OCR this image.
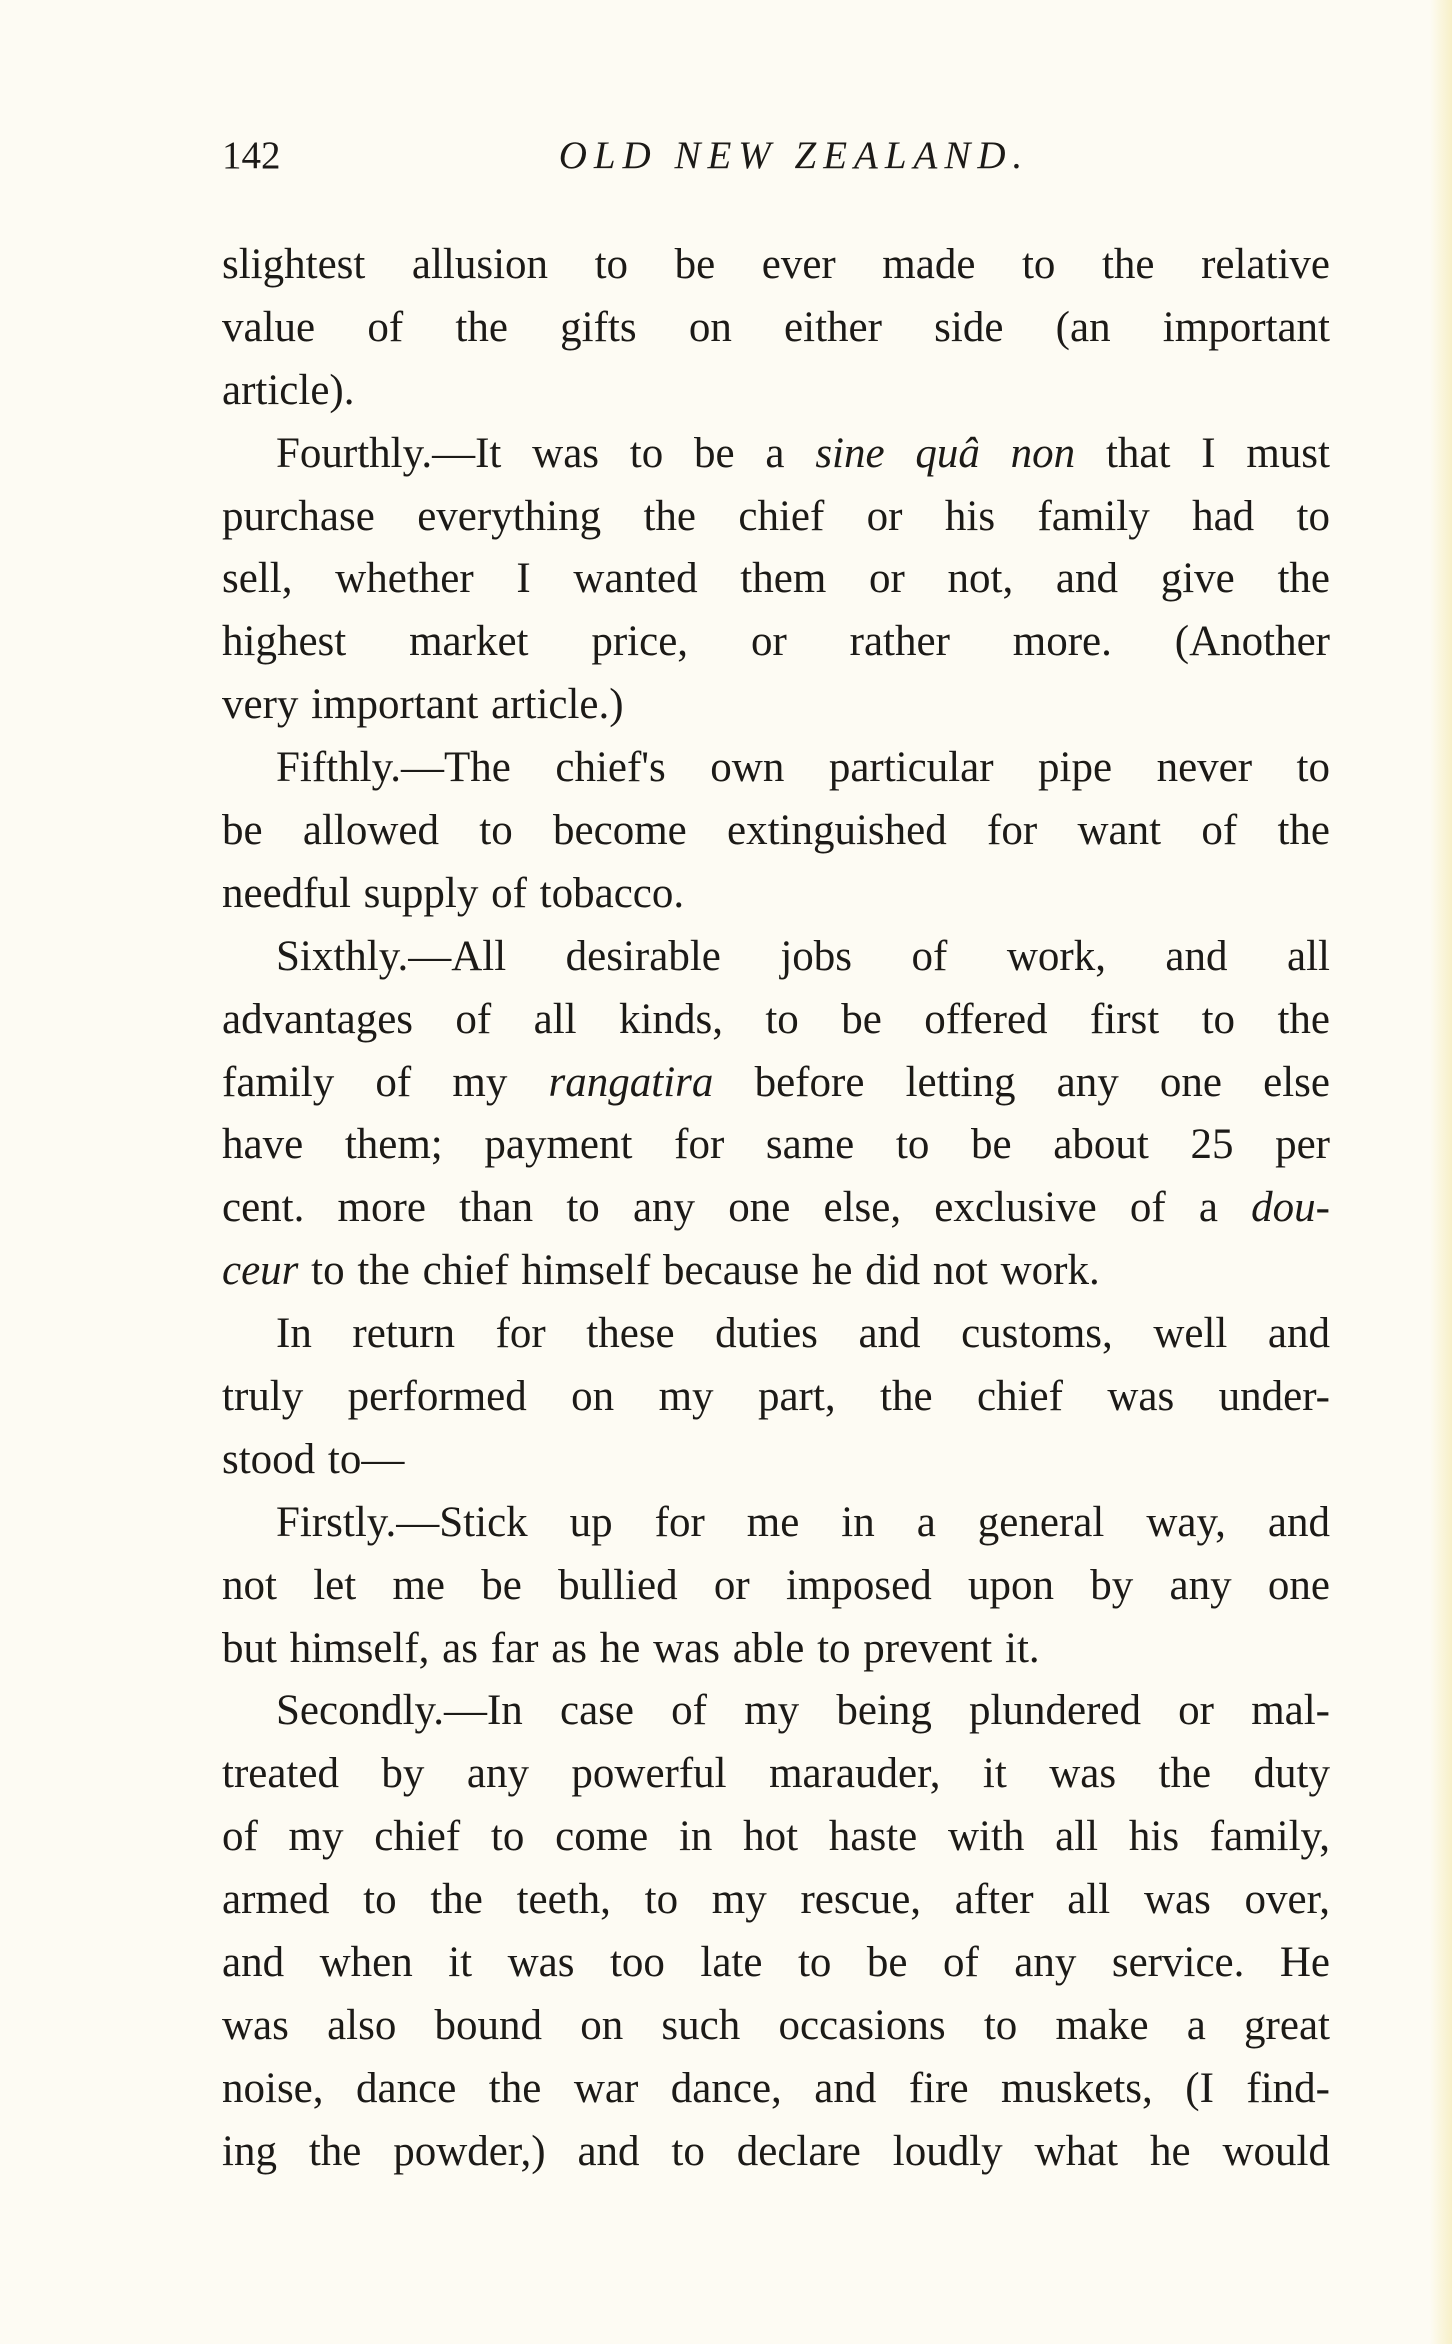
142	OLD NEW ZEALAND.
slightest allusion to be ever made to the relative
value of the gifts on either side (an important
article).
Fourthly.—It was to be a sine quâ non that I must
purchase everything the chief or his family had to
sell, whether I wanted them or not, and give the
highest market price, or rather more. (Another
very important article.)
Fifthly.—The chief's own particular pipe never to
be allowed to become extinguished for want of the
needful supply of tobacco.
Sixthly.—All desirable jobs of work, and all
advantages of all kinds, to be offered first to the
family of my rangatira before letting any one else
have them; payment for same to be about 25 per
cent. more than to any one else, exclusive of a dou-
ceur to the chief himself because he did not work.
In return for these duties and customs, well and
truly performed on my part, the chief was under-
stood to—
Firstly.—Stick up for me in a general way, and
not let me be bullied or imposed upon by any one
but himself, as far as he was able to prevent it.
Secondly.—In case of my being plundered or mal-
treated by any powerful marauder, it was the duty
of my chief to come in hot haste with all his family,
armed to the teeth, to my rescue, after all was over,
and when it was too late to be of any service. He
was also bound on such occasions to make a great
noise, dance the war dance, and fire muskets, (I find-
ing the powder,) and to declare loudly what he would
